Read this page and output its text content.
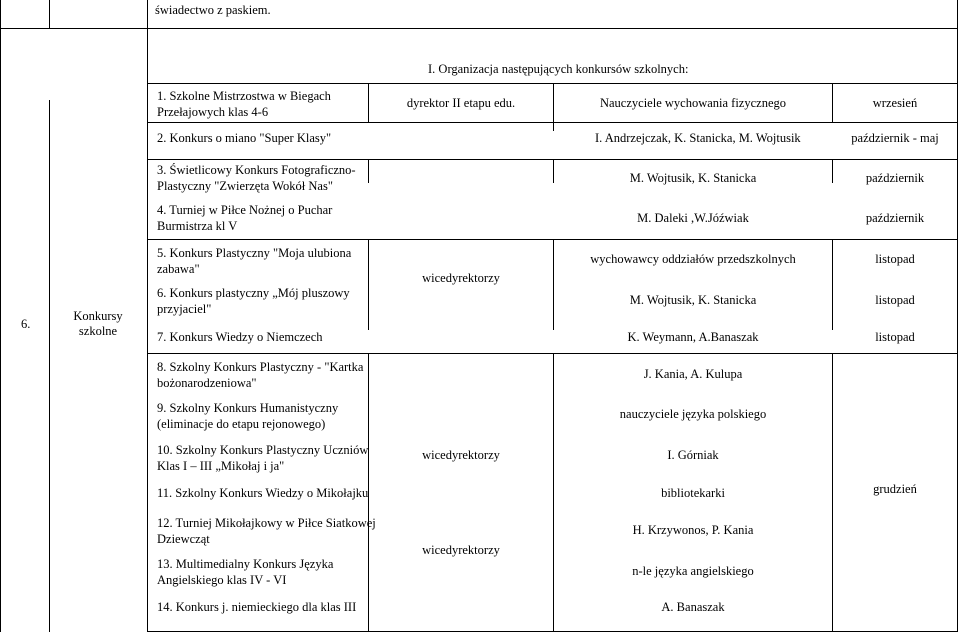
świadectwo z paskiem.
I. Organizacja następujących konkursów szkolnych:
6.
Konkursy
szkolne
1. Szkolne Mistrzostwa w Biegach
Przełajowych klas 4-6
2. Konkurs o miano "Super Klasy"
3. Świetlicowy Konkurs Fotograficzno-
Plastyczny "Zwierzęta Wokół Nas"
4. Turniej w Piłce Nożnej o Puchar
Burmistrza kl V
5. Konkurs Plastyczny "Moja ulubiona
zabawa"
6. Konkurs plastyczny „Mój pluszowy
przyjaciel"
7. Konkurs Wiedzy o Niemczech
8. Szkolny Konkurs Plastyczny - "Kartka
bożonarodzeniowa"
9. Szkolny Konkurs Humanistyczny
(eliminacje do etapu rejonowego)
10. Szkolny Konkurs Plastyczny Uczniów
Klas I – III „Mikołaj i ja"
11. Szkolny Konkurs Wiedzy o Mikołajku
12. Turniej Mikołajkowy w Piłce Siatkowej
Dziewcząt
13. Multimedialny Konkurs Języka
Angielskiego klas IV - VI
14. Konkurs j. niemieckiego dla klas III
dyrektor II etapu edu.
wicedyrektorzy
wicedyrektorzy
wicedyrektorzy
Nauczyciele wychowania fizycznego
I. Andrzejczak, K. Stanicka, M. Wojtusik
M. Wojtusik, K. Stanicka
M. Daleki ,W.Jóźwiak
wychowawcy oddziałów przedszkolnych
M. Wojtusik, K. Stanicka
K. Weymann, A.Banaszak
J. Kania, A. Kulupa
nauczyciele języka polskiego
I. Górniak
bibliotekarki
H. Krzywonos, P. Kania
n-le języka angielskiego
A. Banaszak
wrzesień
październik - maj
październik
październik
listopad
listopad
listopad
grudzień
